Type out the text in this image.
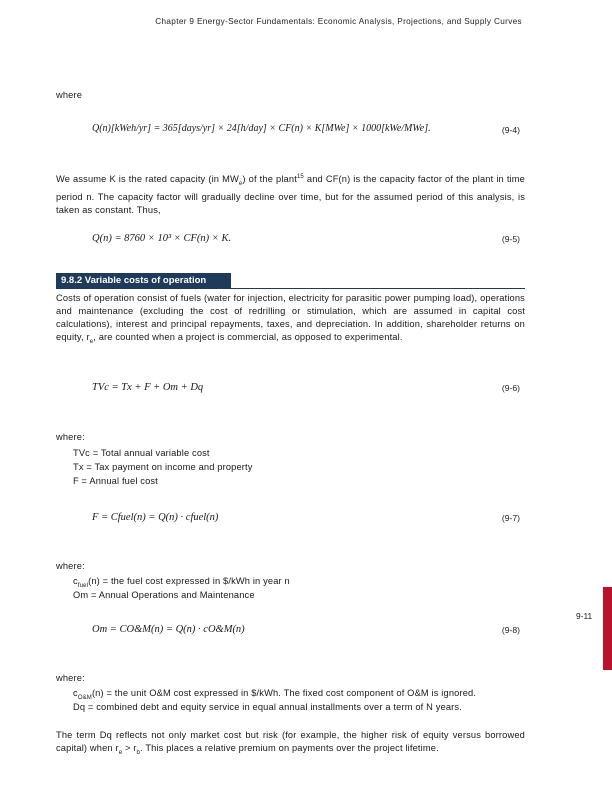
Chapter 9 Energy-Sector Fundamentals: Economic Analysis, Projections, and Supply Curves
where
Q(n)[kWeh/yr] = 365[days/yr] × 24[h/day] × CF(n) × K[MWe] × 1000[kWe/MWe].	(9-4)
We assume K is the rated capacity (in $MW_e$) of the plant$^{15}$ and CF(n) is the capacity factor of the plant in time period n. The capacity factor will gradually decline over time, but for the assumed period of this analysis, is taken as constant. Thus,
Q(n) = 8760 × 10³ × CF(n) × K.	(9-5)
9.8.2 Variable costs of operation
Costs of operation consist of fuels (water for injection, electricity for parasitic power pumping load), operations and maintenance (excluding the cost of redrilling or stimulation, which are assumed in capital cost calculations), interest and principal repayments, taxes, and depreciation. In addition, shareholder returns on equity, $r_e$, are counted when a project is commercial, as opposed to experimental.
TVc = Tx + F + Om + Dq	(9-6)
where:
TVc = Total annual variable cost
Tx = Tax payment on income and property
F = Annual fuel cost
F = Cfuel(n) = Q(n) · cfuel(n)	(9-7)
where:
$c_{fuel}(n)$ = the fuel cost expressed in $/kWh in year n
Om = Annual Operations and Maintenance
Om = CO&M(n) = Q(n) · cO&M(n)	(9-8)
where:
$c_{O\&M}(n)$ = the unit O&M cost expressed in $/kWh. The fixed cost component of O&M is ignored.
Dq = combined debt and equity service in equal annual installments over a term of N years.
The term Dq reflects not only market cost but risk (for example, the higher risk of equity versus borrowed capital) when $r_e > r_b$. This places a relative premium on payments over the project lifetime.
9-11
